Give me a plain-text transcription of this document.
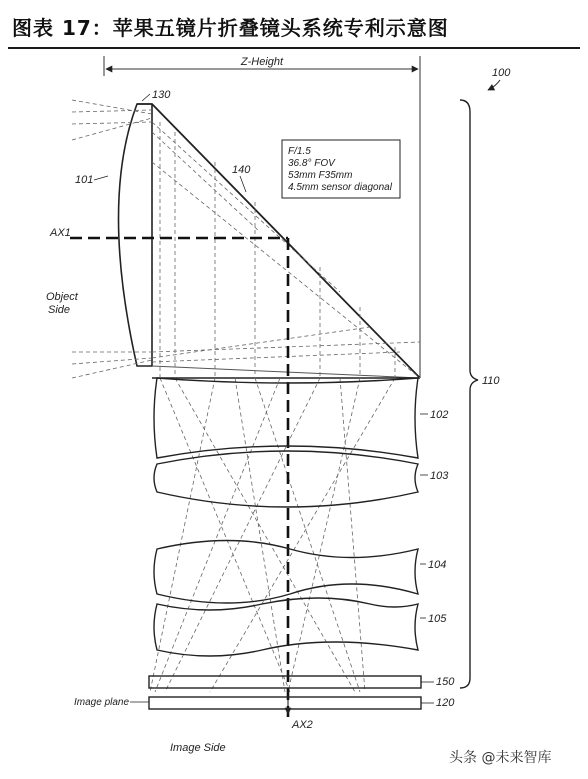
图表 17：苹果五镜片折叠镜头系统专利示意图
Z-Height
100
AX1
AX2
F/1.5
36.8° FOV
53mm F35mm
4.5mm sensor diagonal
110
130
140
101
Object
Side
102
103
104
105
150
120
Image plane
Image Side
头条 @未来智库
